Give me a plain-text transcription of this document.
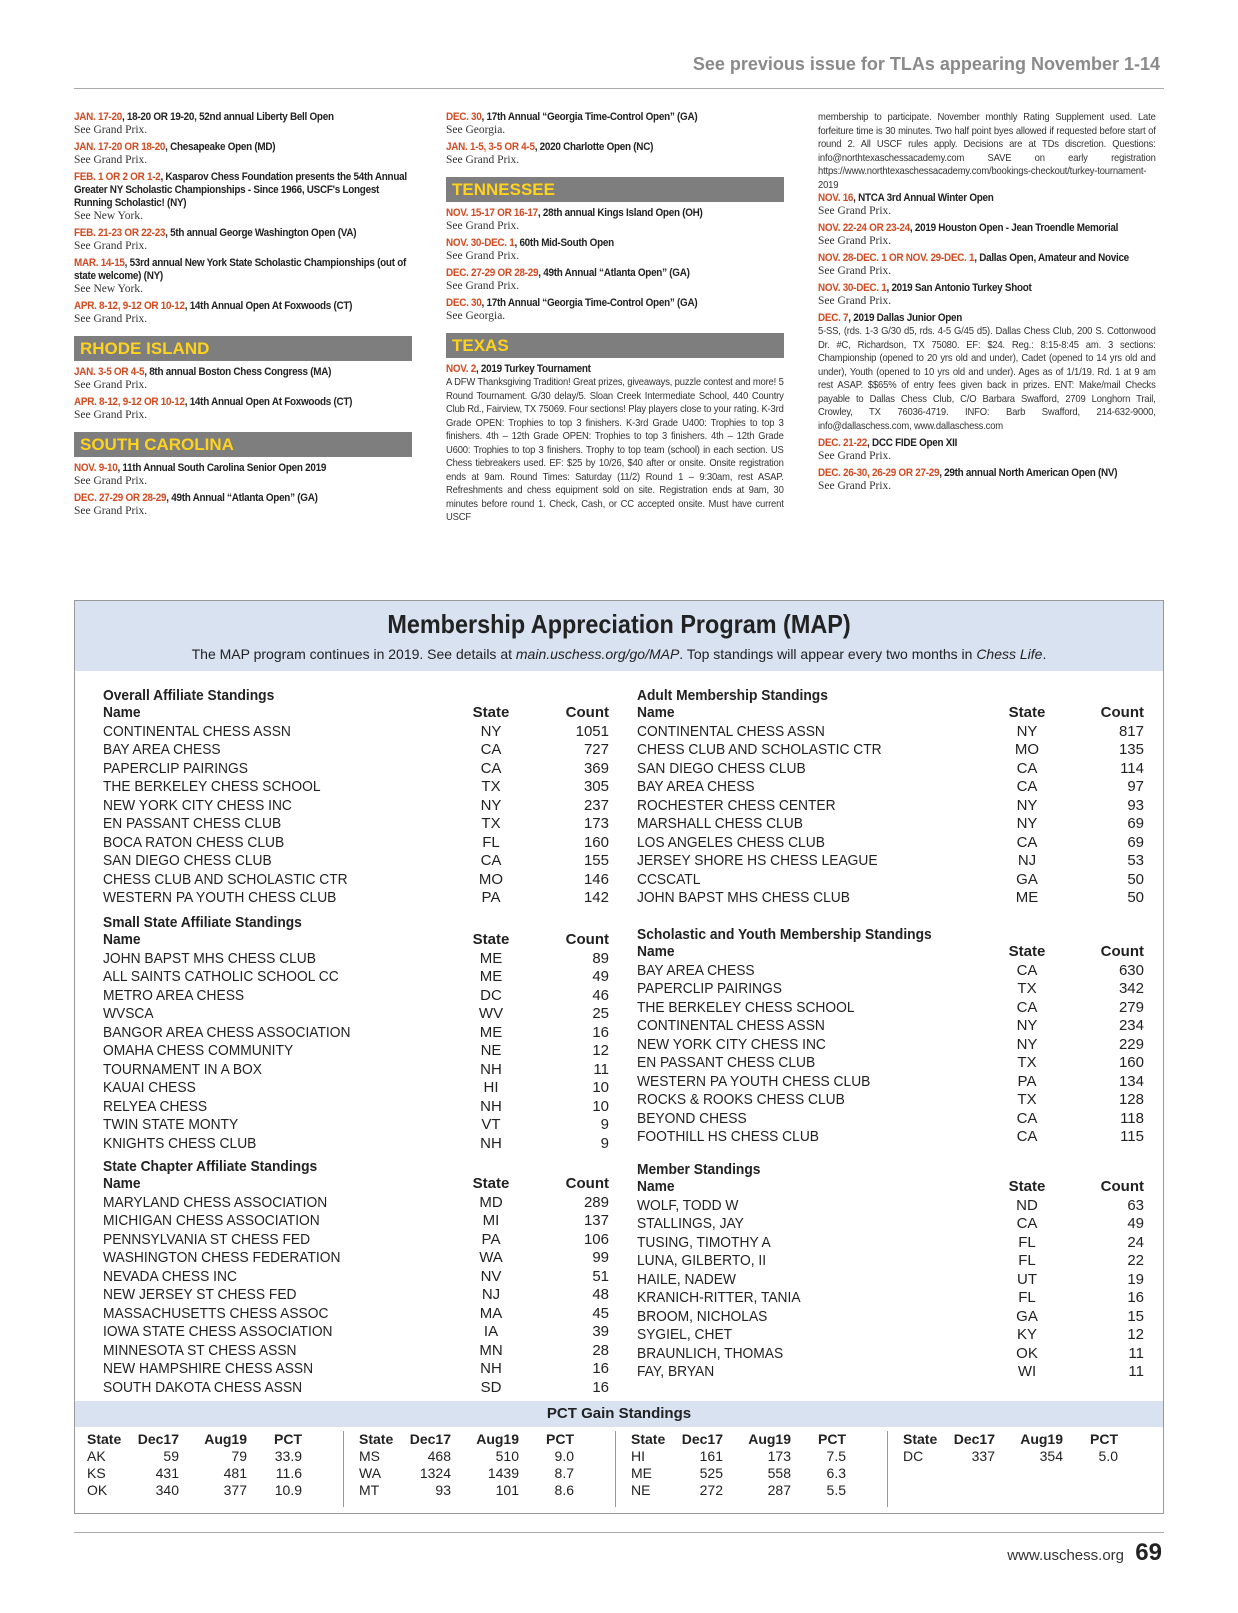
See previous issue for TLAs appearing November 1-14
JAN. 17-20, 18-20 OR 19-20, 52nd annual Liberty Bell Open
See Grand Prix.
JAN. 17-20 OR 18-20, Chesapeake Open (MD)
See Grand Prix.
FEB. 1 OR 2 OR 1-2, Kasparov Chess Foundation presents the 54th Annual Greater NY Scholastic Championships - Since 1966, USCF's Longest Running Scholastic! (NY)
See New York.
FEB. 21-23 OR 22-23, 5th annual George Washington Open (VA)
See Grand Prix.
MAR. 14-15, 53rd annual New York State Scholastic Championships (out of state welcome) (NY)
See New York.
APR. 8-12, 9-12 OR 10-12, 14th Annual Open At Foxwoods (CT)
See Grand Prix.
RHODE ISLAND
JAN. 3-5 OR 4-5, 8th annual Boston Chess Congress (MA)
See Grand Prix.
APR. 8-12, 9-12 OR 10-12, 14th Annual Open At Foxwoods (CT)
See Grand Prix.
SOUTH CAROLINA
NOV. 9-10, 11th Annual South Carolina Senior Open 2019
See Grand Prix.
DEC. 27-29 OR 28-29, 49th Annual “Atlanta Open” (GA)
See Grand Prix.
DEC. 30, 17th Annual “Georgia Time-Control Open” (GA)
See Georgia.
JAN. 1-5, 3-5 OR 4-5, 2020 Charlotte Open (NC)
See Grand Prix.
TENNESSEE
NOV. 15-17 OR 16-17, 28th annual Kings Island Open (OH)
See Grand Prix.
NOV. 30-DEC. 1, 60th Mid-South Open
See Grand Prix.
DEC. 27-29 OR 28-29, 49th Annual “Atlanta Open” (GA)
See Grand Prix.
DEC. 30, 17th Annual “Georgia Time-Control Open” (GA)
See Georgia.
TEXAS
NOV. 2, 2019 Turkey Tournament
A DFW Thanksgiving Tradition! Great prizes, giveaways, puzzle contest and more! 5 Round Tournament. G/30 delay/5. Sloan Creek Intermediate School, 440 Country Club Rd., Fairview, TX 75069. Four sections! Play players close to your rating. K-3rd Grade OPEN: Trophies to top 3 finishers. K-3rd Grade U400: Trophies to top 3 finishers. 4th – 12th Grade OPEN: Trophies to top 3 finishers. 4th – 12th Grade U600: Trophies to top 3 finishers. Trophy to top team (school) in each section. US Chess tiebreakers used. EF: $25 by 10/26, $40 after or onsite. Onsite registration ends at 9am. Round Times: Saturday (11/2) Round 1 – 9:30am, rest ASAP. Refreshments and chess equipment sold on site. Registration ends at 9am, 30 minutes before round 1. Check, Cash, or CC accepted onsite. Must have current USCF
membership to participate. November monthly Rating Supplement used. Late forfeiture time is 30 minutes. Two half point byes allowed if requested before start of round 2. All USCF rules apply. Decisions are at TDs discretion. Questions: info@northtexaschessacademy.com SAVE on early registration https://www.northtexaschessacademy.com/bookings-checkout/turkey-tournament-2019
NOV. 16, NTCA 3rd Annual Winter Open
See Grand Prix.
NOV. 22-24 OR 23-24, 2019 Houston Open - Jean Troendle Memorial
See Grand Prix.
NOV. 28-DEC. 1 OR NOV. 29-DEC. 1, Dallas Open, Amateur and Novice
See Grand Prix.
NOV. 30-DEC. 1, 2019 San Antonio Turkey Shoot
See Grand Prix.
DEC. 7, 2019 Dallas Junior Open
5-SS, (rds. 1-3 G/30 d5, rds. 4-5 G/45 d5). Dallas Chess Club, 200 S. Cottonwood Dr. #C, Richardson, TX 75080. EF: $24. Reg.: 8:15-8:45 am. 3 sections: Championship (opened to 20 yrs old and under), Cadet (opened to 14 yrs old and under), Youth (opened to 10 yrs old and under). Ages as of 1/1/19. Rd. 1 at 9 am rest ASAP. $$65% of entry fees given back in prizes. ENT: Make/mail Checks payable to Dallas Chess Club, C/O Barbara Swafford, 2709 Longhorn Trail, Crowley, TX 76036-4719. INFO: Barb Swafford, 214-632-9000, info@dallaschess.com, www.dallaschess.com
DEC. 21-22, DCC FIDE Open XII
See Grand Prix.
DEC. 26-30, 26-29 OR 27-29, 29th annual North American Open (NV)
See Grand Prix.
Membership Appreciation Program (MAP)
The MAP program continues in 2019. See details at main.uschess.org/go/MAP. Top standings will appear every two months in Chess Life.
Overall Affiliate Standings
Name	State	Count
CONTINENTAL CHESS ASSN	NY	1051
BAY AREA CHESS	CA	727
PAPERCLIP PAIRINGS	CA	369
THE BERKELEY CHESS SCHOOL	TX	305
NEW YORK CITY CHESS INC	NY	237
EN PASSANT CHESS CLUB	TX	173
BOCA RATON CHESS CLUB	FL	160
SAN DIEGO CHESS CLUB	CA	155
CHESS CLUB AND SCHOLASTIC CTR	MO	146
WESTERN PA YOUTH CHESS CLUB	PA	142
Small State Affiliate Standings
Name	State	Count
JOHN BAPST MHS CHESS CLUB	ME	89
ALL SAINTS CATHOLIC SCHOOL CC	ME	49
METRO AREA CHESS	DC	46
WVSCA	WV	25
BANGOR AREA CHESS ASSOCIATION	ME	16
OMAHA CHESS COMMUNITY	NE	12
TOURNAMENT IN A BOX	NH	11
KAUAI CHESS	HI	10
RELYEA CHESS	NH	10
TWIN STATE MONTY	VT	9
KNIGHTS CHESS CLUB	NH	9
State Chapter Affiliate Standings
Name	State	Count
MARYLAND CHESS ASSOCIATION	MD	289
MICHIGAN CHESS ASSOCIATION	MI	137
PENNSYLVANIA ST CHESS FED	PA	106
WASHINGTON CHESS FEDERATION	WA	99
NEVADA CHESS INC	NV	51
NEW JERSEY ST CHESS FED	NJ	48
MASSACHUSETTS CHESS ASSOC	MA	45
IOWA STATE CHESS ASSOCIATION	IA	39
MINNESOTA ST CHESS ASSN	MN	28
NEW HAMPSHIRE CHESS ASSN	NH	16
SOUTH DAKOTA CHESS ASSN	SD	16
Adult Membership Standings
Name	State	Count
CONTINENTAL CHESS ASSN	NY	817
CHESS CLUB AND SCHOLASTIC CTR	MO	135
SAN DIEGO CHESS CLUB	CA	114
BAY AREA CHESS	CA	97
ROCHESTER CHESS CENTER	NY	93
MARSHALL CHESS CLUB	NY	69
LOS ANGELES CHESS CLUB	CA	69
JERSEY SHORE HS CHESS LEAGUE	NJ	53
CCSCATL	GA	50
JOHN BAPST MHS CHESS CLUB	ME	50
Scholastic and Youth Membership Standings
Name	State	Count
BAY AREA CHESS	CA	630
PAPERCLIP PAIRINGS	TX	342
THE BERKELEY CHESS SCHOOL	CA	279
CONTINENTAL CHESS ASSN	NY	234
NEW YORK CITY CHESS INC	NY	229
EN PASSANT CHESS CLUB	TX	160
WESTERN PA YOUTH CHESS CLUB	PA	134
ROCKS & ROOKS CHESS CLUB	TX	128
BEYOND CHESS	CA	118
FOOTHILL HS CHESS CLUB	CA	115
Member Standings
Name	State	Count
WOLF, TODD W	ND	63
STALLINGS, JAY	CA	49
TUSING, TIMOTHY A	FL	24
LUNA, GILBERTO, II	FL	22
HAILE, NADEW	UT	19
KRANICH-RITTER, TANIA	FL	16
BROOM, NICHOLAS	GA	15
SYGIEL, CHET	KY	12
BRAUNLICH, THOMAS	OK	11
FAY, BRYAN	WI	11
PCT Gain Standings
State	Dec17	Aug19	PCT
AK	59	79	33.9
KS	431	481	11.6
OK	340	377	10.9
State	Dec17	Aug19	PCT
MS	468	510	9.0
WA	1324	1439	8.7
MT	93	101	8.6
State	Dec17	Aug19	PCT
HI	161	173	7.5
ME	525	558	6.3
NE	272	287	5.5
State	Dec17	Aug19	PCT
DC	337	354	5.0
www.uschess.org 69
